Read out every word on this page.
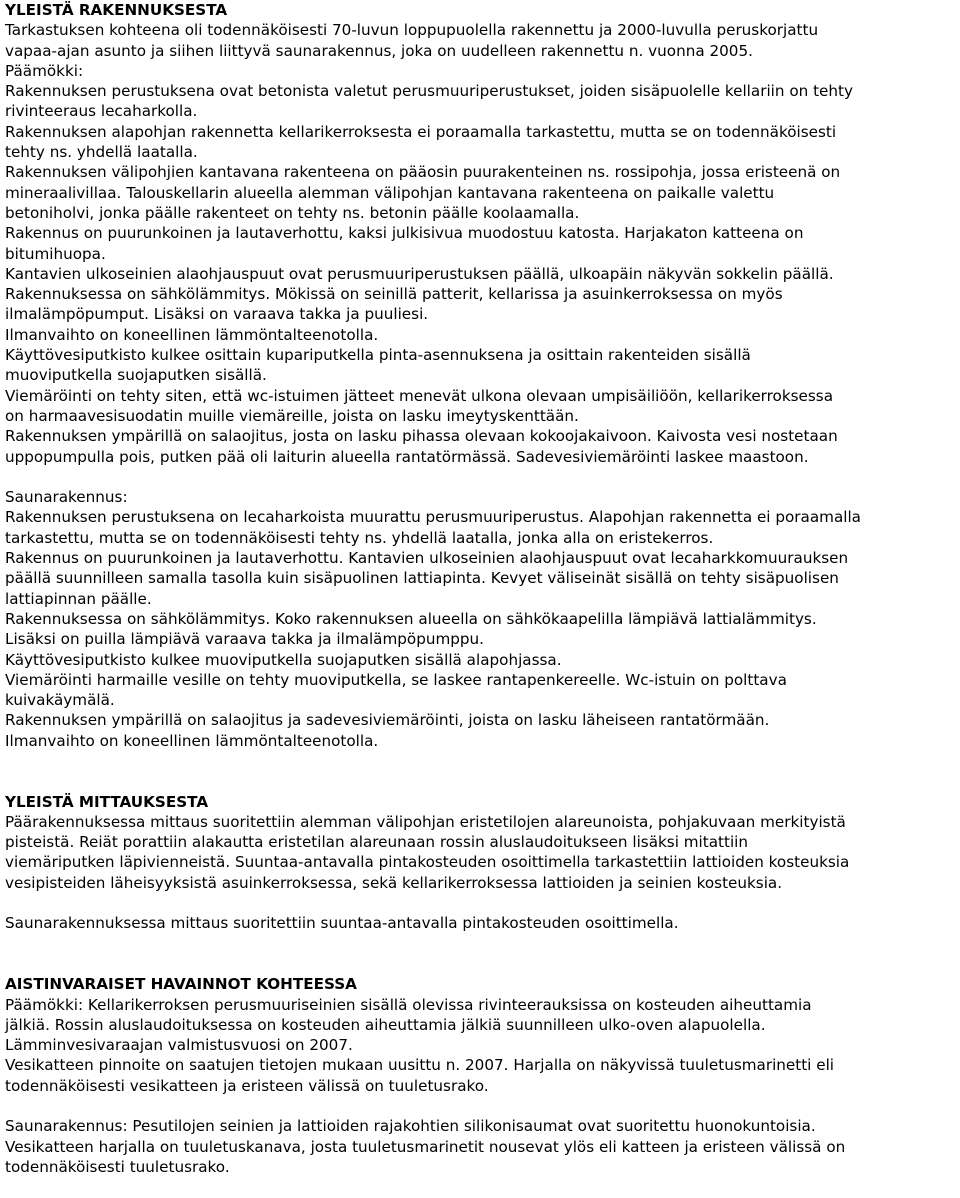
YLEISTÄ RAKENNUKSESTA
Tarkastuksen kohteena oli todennäköisesti 70-luvun loppupuolella rakennettu ja 2000-luvulla peruskorjattu
vapaa-ajan asunto ja siihen liittyvä saunarakennus, joka on uudelleen rakennettu n. vuonna 2005.
Päämökki:
Rakennuksen perustuksena ovat betonista valetut perusmuuriperustukset, joiden sisäpuolelle kellariin on tehty
rivinteeraus lecaharkolla.
Rakennuksen alapohjan rakennetta kellarikerroksesta ei poraamalla tarkastettu, mutta se on todennäköisesti
tehty ns. yhdellä laatalla.
Rakennuksen välipohjien kantavana rakenteena on pääosin puurakenteinen ns. rossipohja, jossa eristeenä on
mineraalivillaa. Talouskellarin alueella alemman välipohjan kantavana rakenteena on paikalle valettu
betoniholvi, jonka päälle rakenteet on tehty ns. betonin päälle koolaamalla.
Rakennus on puurunkoinen ja lautaverhottu, kaksi julkisivua muodostuu katosta. Harjakaton katteena on
bitumihuopa.
Kantavien ulkoseinien alaohjauspuut ovat perusmuuriperustuksen päällä, ulkoapäin näkyvän sokkelin päällä.
Rakennuksessa on sähkölämmitys. Mökissä on seinillä patterit, kellarissa ja asuinkerroksessa on myös
ilmalämpöpumput. Lisäksi on varaava takka ja puuliesi.
Ilmanvaihto on koneellinen lämmöntalteenotolla.
Käyttövesiputkisto kulkee osittain kupariputkella pinta-asennuksena ja osittain rakenteiden sisällä
muoviputkella suojaputken sisällä.
Viemäröinti on tehty siten, että wc-istuimen jätteet menevät ulkona olevaan umpisäiliöön, kellarikerroksessa
on harmaavesisuodatin muille viemäreille, joista on lasku imeytyskenttään.
Rakennuksen ympärillä on salaojitus, josta on lasku pihassa olevaan kokoojakaivoon. Kaivosta vesi nostetaan
uppopumpulla pois, putken pää oli laiturin alueella rantatörmässä. Sadevesiviemäröinti laskee maastoon.
Saunarakennus:
Rakennuksen perustuksena on lecaharkoista muurattu perusmuuriperustus. Alapohjan rakennetta ei poraamalla
tarkastettu, mutta se on todennäköisesti tehty ns. yhdellä laatalla, jonka alla on eristekerros.
Rakennus on puurunkoinen ja lautaverhottu. Kantavien ulkoseinien alaohjauspuut ovat lecaharkkomuurauksen
päällä suunnilleen samalla tasolla kuin sisäpuolinen lattiapinta. Kevyet väliseinät sisällä on tehty sisäpuolisen
lattiapinnan päälle.
Rakennuksessa on sähkölämmitys. Koko rakennuksen alueella on sähkökaapelilla lämpiävä lattialämmitys.
Lisäksi on puilla lämpiävä varaava takka ja ilmalämpöpumppu.
Käyttövesiputkisto kulkee muoviputkella suojaputken sisällä alapohjassa.
Viemäröinti harmaille vesille on tehty muoviputkella, se laskee rantapenkereelle. Wc-istuin on polttava
kuivakäymälä.
Rakennuksen ympärillä on salaojitus ja sadevesiviemäröinti, joista on lasku läheiseen rantatörmään.
Ilmanvaihto on koneellinen lämmöntalteenotolla.
YLEISTÄ MITTAUKSESTA
Päärakennuksessa mittaus suoritettiin alemman välipohjan eristetilojen alareunoista, pohjakuvaan merkityistä
pisteistä. Reiät porattiin alakautta eristetilan alareunaan rossin aluslaudoitukseen lisäksi mitattiin
viemäriputken läpivienneistä. Suuntaa-antavalla pintakosteuden osoittimella tarkastettiin lattioiden kosteuksia
vesipisteiden läheisyyksistä asuinkerroksessa, sekä kellarikerroksessa lattioiden ja seinien kosteuksia.
Saunarakennuksessa mittaus suoritettiin suuntaa-antavalla pintakosteuden osoittimella.
AISTINVARAISET HAVAINNOT KOHTEESSA
Päämökki: Kellarikerroksen perusmuuriseinien sisällä olevissa rivinteerauksissa on kosteuden aiheuttamia
jälkiä. Rossin aluslaudoituksessa on kosteuden aiheuttamia jälkiä suunnilleen ulko-oven alapuolella.
Lämminvesivaraajan valmistusvuosi on 2007.
Vesikatteen pinnoite on saatujen tietojen mukaan uusittu n. 2007. Harjalla on näkyvissä tuuletusmarinetti eli
todennäköisesti vesikatteen ja eristeen välissä on tuuletusrako.
Saunarakennus: Pesutilojen seinien ja lattioiden rajakohtien silikonisaumat ovat suoritettu huonokuntoisia.
Vesikatteen harjalla on tuuletuskanava, josta tuuletusmarinetit nousevat ylös eli katteen ja eristeen välissä on
todennäköisesti tuuletusrako.
